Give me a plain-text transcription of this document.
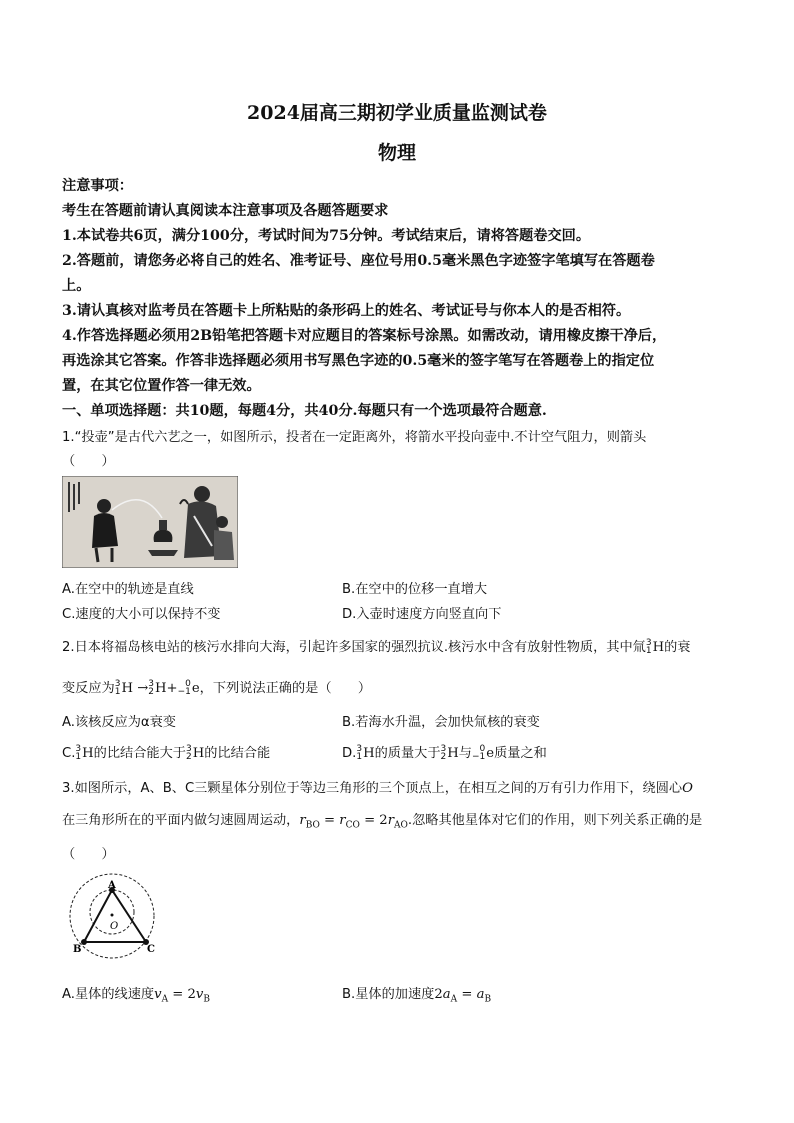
2024届高三期初学业质量监测试卷
物理
注意事项：
考生在答题前请认真阅读本注意事项及各题答题要求
1.本试卷共6页，满分100分，考试时间为75分钟。考试结束后，请将答题卷交回。
2.答题前，请您务必将自己的姓名、准考证号、座位号用0.5毫米黑色字迹签字笔填写在答题卷
上。
3.请认真核对监考员在答题卡上所粘贴的条形码上的姓名、考试证号与你本人的是否相符。
4.作答选择题必须用2B铅笔把答题卡对应题目的答案标号涂黑。如需改动，请用橡皮擦干净后，
再选涂其它答案。作答非选择题必须用书写黑色字迹的0.5毫米的签字笔写在答题卷上的指定位
置，在其它位置作答一律无效。
一、单项选择题：共10题，每题4分，共40分.每题只有一个选项最符合题意.
1.“投壶”是古代六艺之一，如图所示，投者在一定距离外，将箭水平投向壶中.不计空气阻力，则箭头
（　　）
A.在空中的轨迹是直线	B.在空中的位移一直增大
C.速度的大小可以保持不变	D.入壶时速度方向竖直向下
2.日本将福岛核电站的核污水排向大海，引起许多国家的强烈抗议.核污水中含有放射性物质，其中氚3
1H的衰
变反应为3
1H →3
2H+ 0
−1e，下列说法正确的是（　　）
A.该核反应为α衰变	B.若海水升温，会加快氚核的衰变
C.3
1H的比结合能大于3
2H的比结合能	D.3
1H的质量大于3
2H与 0
−1e质量之和
3.如图所示，A、B、C三颗星体分别位于等边三角形的三个顶点上，在相互之间的万有引力作用下，绕圆心O
在三角形所在的平面内做匀速圆周运动，$r_{BO} = r_{CO} = 2r_{AO}$.忽略其他星体对它们的作用，则下列关系正确的是
（　　）
A
B	C
O
A.星体的线速度$v_A = 2v_B$	B.星体的加速度$2a_A = a_B$
